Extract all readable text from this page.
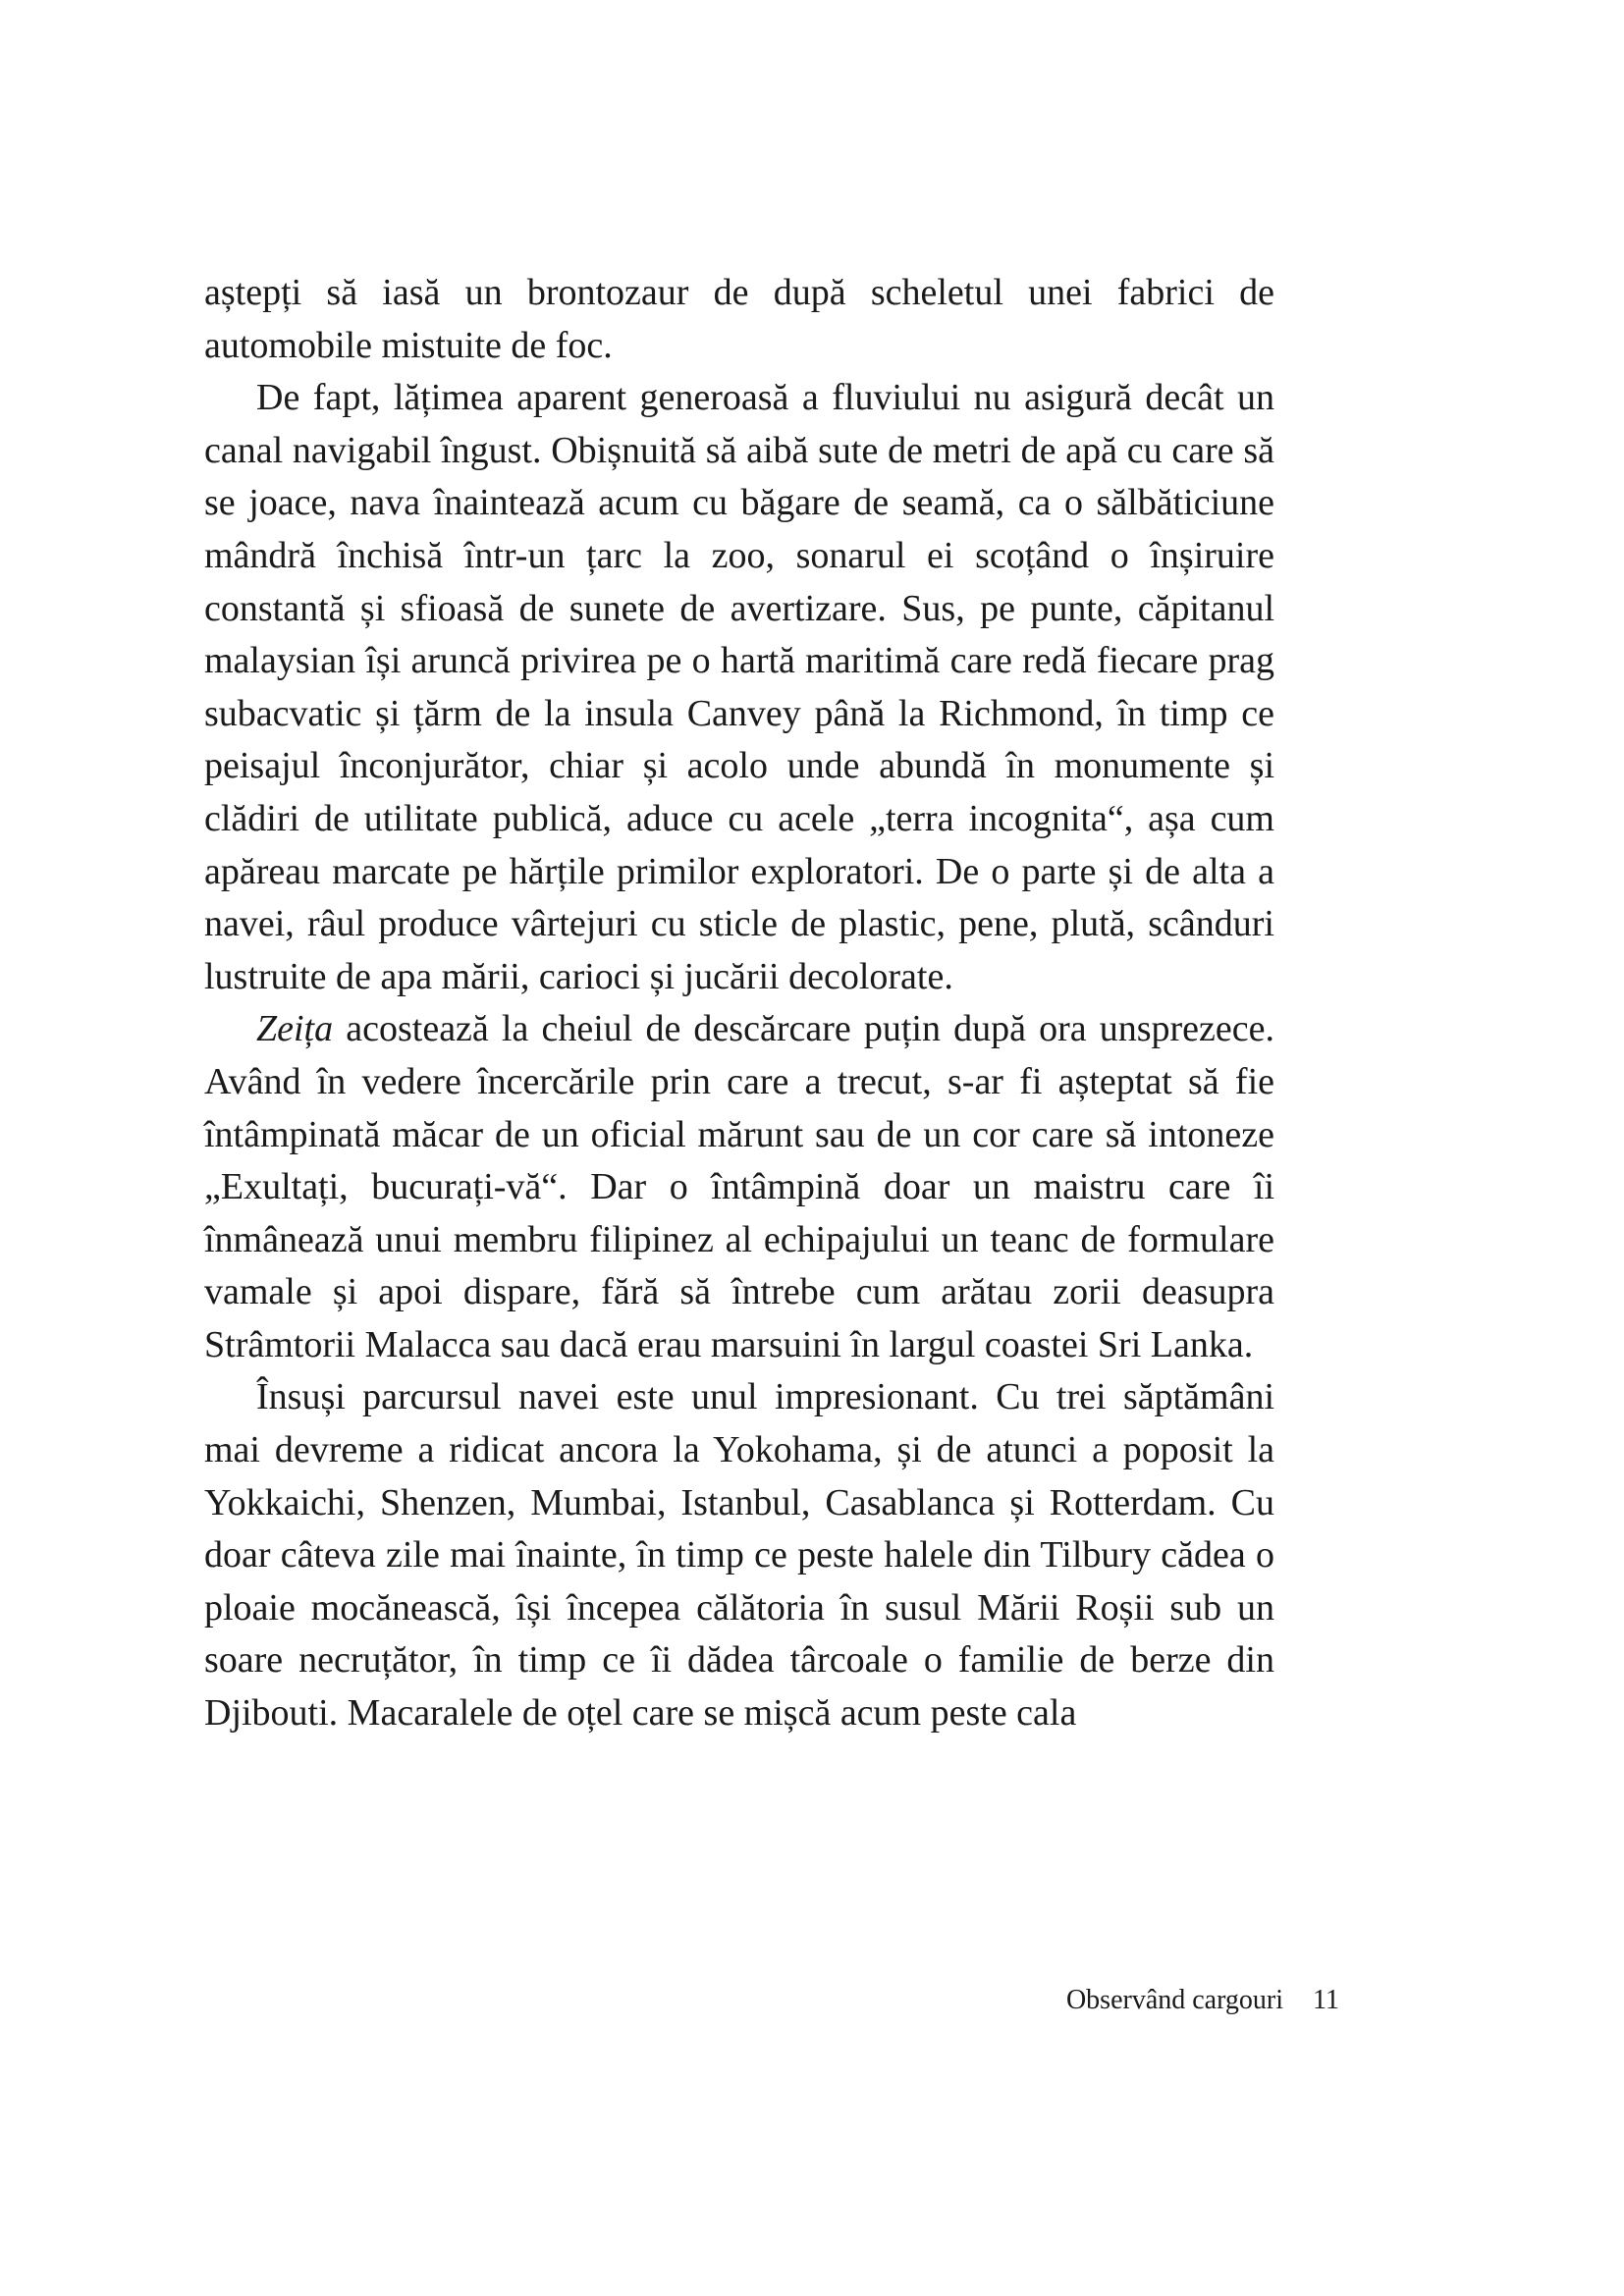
aștepți să iasă un brontozaur de după scheletul unei fabrici de automobile mistuite de foc.

De fapt, lățimea aparent generoasă a fluviului nu asigură decât un canal navigabil îngust. Obișnuită să aibă sute de metri de apă cu care să se joace, nava înaintează acum cu băgare de seamă, ca o sălbăticiune mândră închisă într-un țarc la zoo, sonarul ei scoțând o înșiruire constantă și sfioasă de sunete de avertizare. Sus, pe punte, căpitanul malaysian își aruncă privirea pe o hartă maritimă care redă fiecare prag subacvatic și țărm de la insula Canvey până la Richmond, în timp ce peisajul înconjurător, chiar și acolo unde abundă în monumente și clădiri de utilitate publică, aduce cu acele „terra incognita“, așa cum apăreau marcate pe hărțile primilor exploratori. De o parte și de alta a navei, râul produce vârtejuri cu sticle de plastic, pene, plută, scânduri lustruite de apa mării, carioci și jucării decolorate.

Zeița acostează la cheiul de descărcare puțin după ora unsprezece. Având în vedere încercările prin care a trecut, s-ar fi așteptat să fie întâmpinată măcar de un oficial mărunt sau de un cor care să intoneze „Exultați, bucurați-vă“. Dar o întâmpină doar un maistru care îi înmânează unui membru filipinez al echipajului un teanc de formulare vamale și apoi dispare, fără să întrebe cum arătau zorii deasupra Strâmtorii Malacca sau dacă erau marsuini în largul coastei Sri Lanka.

Însuși parcursul navei este unul impresionant. Cu trei săptămâni mai devreme a ridicat ancora la Yokohama, și de atunci a poposit la Yokkaichi, Shenzen, Mumbai, Istanbul, Casablanca și Rotterdam. Cu doar câteva zile mai înainte, în timp ce peste halele din Tilbury cădea o ploaie mocănească, își începea călătoria în susul Mării Roșii sub un soare necruțător, în timp ce îi dădea târcoale o familie de berze din Djibouti. Macaralele de oțel care se mișcă acum peste cala

Observând cargouri 11
